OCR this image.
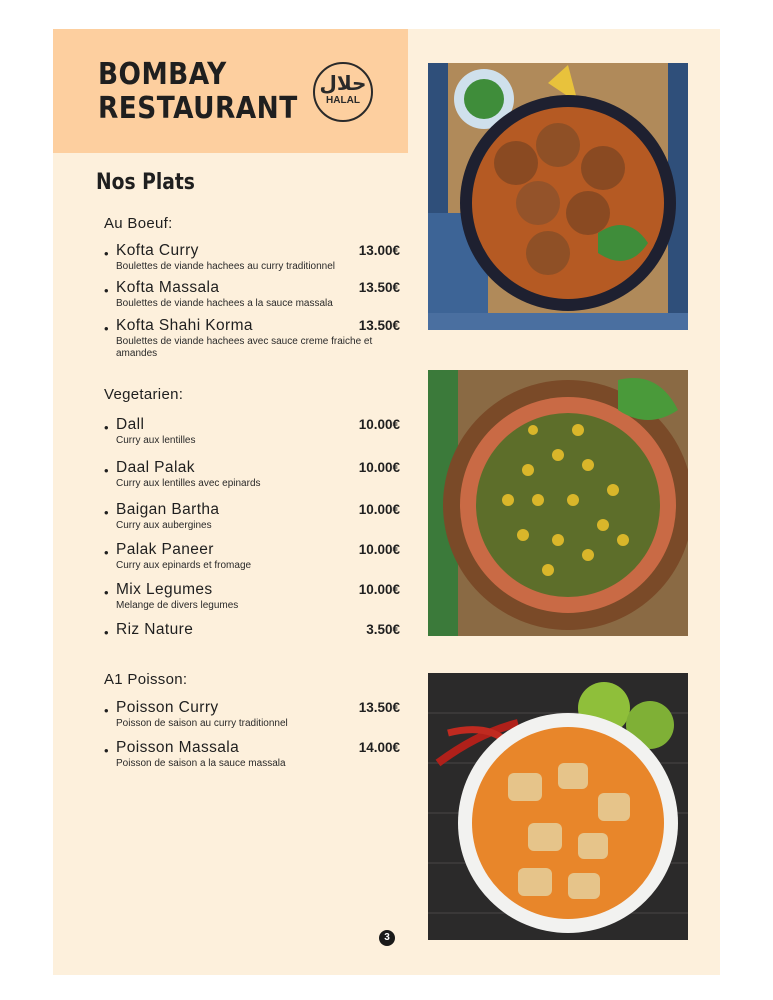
BOMBAY
RESTAURANT
حلال
HALAL
Nos Plats
Au Boeuf:
• Kofta Curry	13.00€
Boulettes de viande hachees au curry traditionnel
• Kofta Massala	13.50€
Boulettes de viande hachees a la sauce massala
• Kofta Shahi Korma	13.50€
Boulettes de viande hachees avec sauce creme fraiche et amandes
Vegetarien:
• Dall	10.00€
Curry aux lentilles
• Daal Palak	10.00€
Curry aux lentilles avec epinards
• Baigan Bartha	10.00€
Curry aux aubergines
• Palak Paneer	10.00€
Curry aux epinards et fromage
• Mix Legumes	10.00€
Melange de divers legumes
• Riz Nature	3.50€
A1 Poisson:
• Poisson Curry	13.50€
Poisson de saison au curry traditionnel
• Poisson Massala	14.00€
Poisson de saison a la sauce massala
3
